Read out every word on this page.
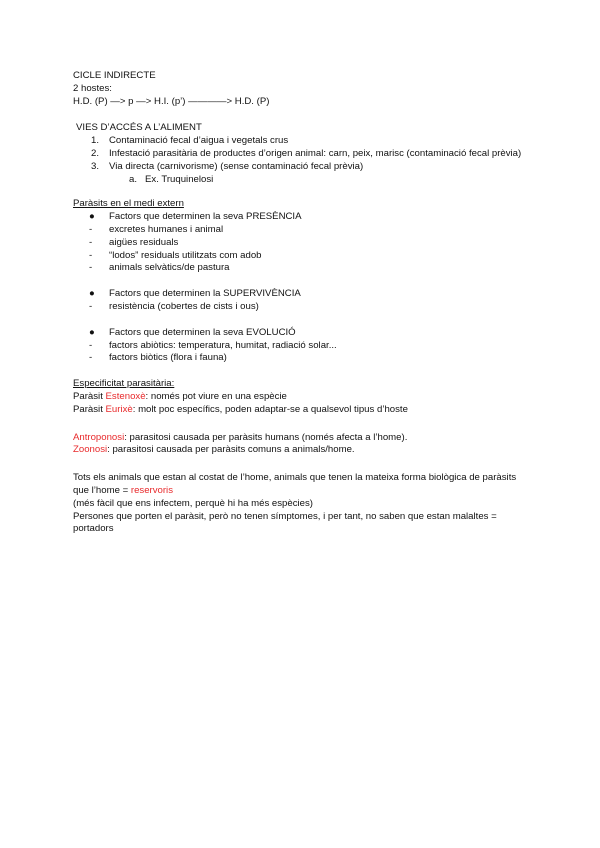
CICLE INDIRECTE
2 hostes:
H.D. (P) —> p —> H.I. (p’) ————> H.D. (P)
VIES D’ACCÉS A L’ALIMENT
1. Contaminació fecal d’aigua i vegetals crus
2. Infestació parasitària de productes d’origen animal: carn, peix, marisc (contaminació fecal prèvia)
3. Via directa (carnivorisme) (sense contaminació fecal prèvia)
a. Ex. Truquinelosi
Paràsits en el medi extern
● Factors que determinen la seva PRESÈNCIA
- excretes humanes i animal
- aigües residuals
- “lodos” residuals utilitzats com adob
- animals selvàtics/de pastura
● Factors que determinen la SUPERVIVÈNCIA
- resistència (cobertes de cists i ous)
● Factors que determinen la seva EVOLUCIÓ
- factors abiòtics: temperatura, humitat, radiació solar...
- factors biòtics (flora i fauna)
Especificitat parasitària:
Paràsit Estenoxè: només pot viure en una espècie
Paràsit Eurixè: molt poc específics, poden adaptar-se a qualsevol tipus d’hoste
Antroponosi: parasitosi causada per paràsits humans (només afecta a l’home).
Zoonosi: parasitosi causada per paràsits comuns a animals/home.
Tots els animals que estan al costat de l’home, animals que tenen la mateixa forma biològica de paràsits que l’home = reservoris
(més fàcil que ens infectem, perquè hi ha més espècies)
Persones que porten el paràsit, però no tenen símptomes, i per tant, no saben que estan malaltes = portadors
